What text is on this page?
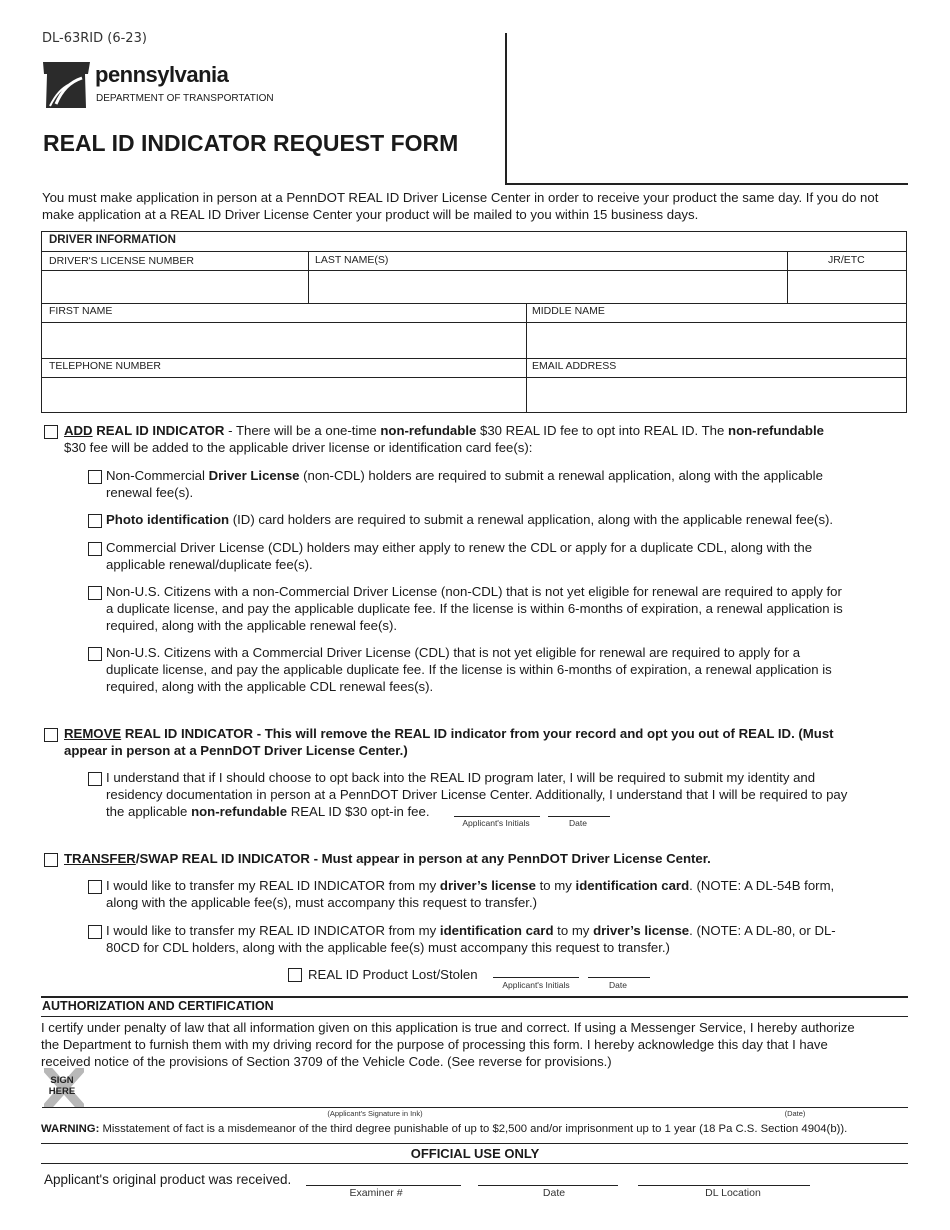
DL-63RID (6-23)
pennsylvania
DEPARTMENT OF TRANSPORTATION
REAL ID INDICATOR REQUEST FORM
You must make application in person at a PennDOT REAL ID Driver License Center in order to receive your product the same day. If you do not make application at a REAL ID Driver License Center your product will be mailed to you within 15 business days.
DRIVER INFORMATION
DRIVER'S LICENSE NUMBER	LAST NAME(S)	JR/ETC
FIRST NAME	MIDDLE NAME
TELEPHONE NUMBER	EMAIL ADDRESS
ADD REAL ID INDICATOR - There will be a one-time non-refundable $30 REAL ID fee to opt into REAL ID. The non-refundable
$30 fee will be added to the applicable driver license or identification card fee(s):
Non-Commercial Driver License (non-CDL) holders are required to submit a renewal application, along with the applicable
renewal fee(s).
Photo identification (ID) card holders are required to submit a renewal application, along with the applicable renewal fee(s).
Commercial Driver License (CDL) holders may either apply to renew the CDL or apply for a duplicate CDL, along with the
applicable renewal/duplicate fee(s).
Non-U.S. Citizens with a non-Commercial Driver License (non-CDL) that is not yet eligible for renewal are required to apply for
a duplicate license, and pay the applicable duplicate fee. If the license is within 6-months of expiration, a renewal application is
required, along with the applicable renewal fee(s).
Non-U.S. Citizens with a Commercial Driver License (CDL) that is not yet eligible for renewal are required to apply for a
duplicate license, and pay the applicable duplicate fee. If the license is within 6-months of expiration, a renewal application is
required, along with the applicable CDL renewal fees(s).
REMOVE REAL ID INDICATOR - This will remove the REAL ID indicator from your record and opt you out of REAL ID. (Must
appear in person at a PennDOT Driver License Center.)
I understand that if I should choose to opt back into the REAL ID program later, I will be required to submit my identity and
residency documentation in person at a PennDOT Driver License Center. Additionally, I understand that I will be required to pay
the applicable non-refundable REAL ID $30 opt-in fee.
Applicant's Initials	Date
TRANSFER/SWAP REAL ID INDICATOR - Must appear in person at any PennDOT Driver License Center.
I would like to transfer my REAL ID INDICATOR from my driver’s license to my identification card. (NOTE: A DL-54B form,
along with the applicable fee(s), must accompany this request to transfer.)
I would like to transfer my REAL ID INDICATOR from my identification card to my driver’s license. (NOTE: A DL-80, or DL-
80CD for CDL holders, along with the applicable fee(s) must accompany this request to transfer.)
REAL ID Product Lost/Stolen
Applicant's Initials	Date
AUTHORIZATION AND CERTIFICATION
I certify under penalty of law that all information given on this application is true and correct. If using a Messenger Service, I hereby authorize
the Department to furnish them with my driving record for the purpose of processing this form. I hereby acknowledge this day that I have
received notice of the provisions of Section 3709 of the Vehicle Code. (See reverse for provisions.)
SIGN
HERE
(Applicant's Signature in Ink)	(Date)
WARNING: Misstatement of fact is a misdemeanor of the third degree punishable of up to $2,500 and/or imprisonment up to 1 year (18 Pa C.S. Section 4904(b)).
OFFICIAL USE ONLY
Applicant's original product was received.
Examiner #	Date	DL Location
